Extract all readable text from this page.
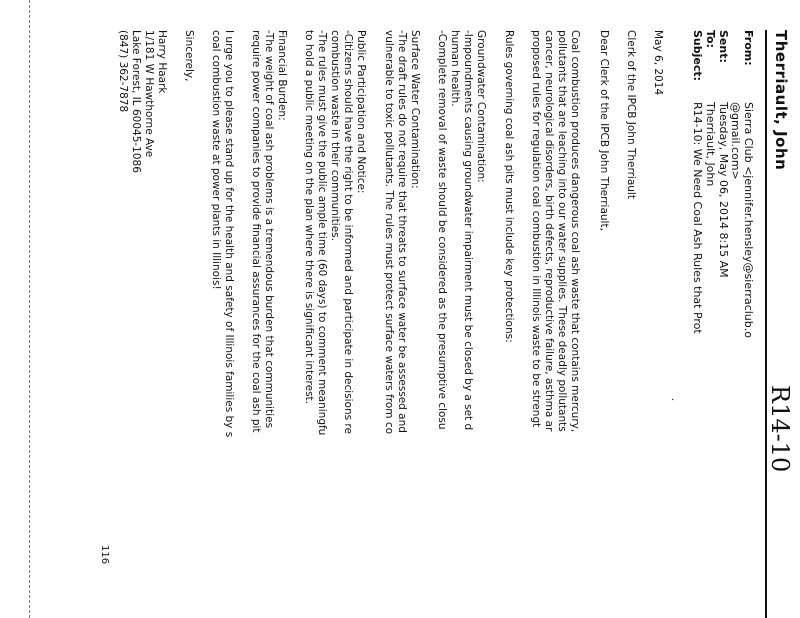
Therriault, John
R14-10
From:
Sierra Club <jennifer.hensley@sierraclub.o
@gmail.com>
Sent:
Tuesday, May 06, 2014 8:15 AM
To:
Therriault, John
Subject:
R14-10: We Need Coal Ash Rules that Prot
.
May 6, 2014
Clerk of the IPCB John Therriault
Dear Clerk of the IPCB John Therriault,
Coal combustion produces dangerous coal ash waste that contains mercury,
pollutants that are leaching into our water supplies. These deadly pollutants
cancer, neurological disorders, birth defects, reproductive failure, asthma ar
proposed rules for regulation coal combustion in Illinois waste to be strengt
Rules governing coal ash pits must include key protections:
Groundwater Contamination:
-Impoundments causing groundwater impairment must be closed by a set d
human health.
-Complete removal of waste should be considered as the presumptive closu
Surface Water Contamination:
-The draft rules do not require that threats to surface water be assessed and
vulnerable to toxic pollutants. The rules must protect surface waters from co
Public Participation and Notice:
-Citizens should have the right to be informed and participate in decisions re
combustion waste in their communities.
-The rules must give the public ample time (60 days) to comment meaningfu
to hold a public meeting on the plan where there is significant interest.
Financial Burden:
-The weight of coal ash problems is a tremendous burden that communities
require power companies to provide financial assurances for the coal ash pit
I urge you to please stand up for the health and safety of Illinois families by s
coal combustion waste at power plants in Illinois!
Sincerely,
Harry Haark
1/181 W Hawthorne Ave
Lake Forest, IL 60045-1086
(847) 362-7878
116
